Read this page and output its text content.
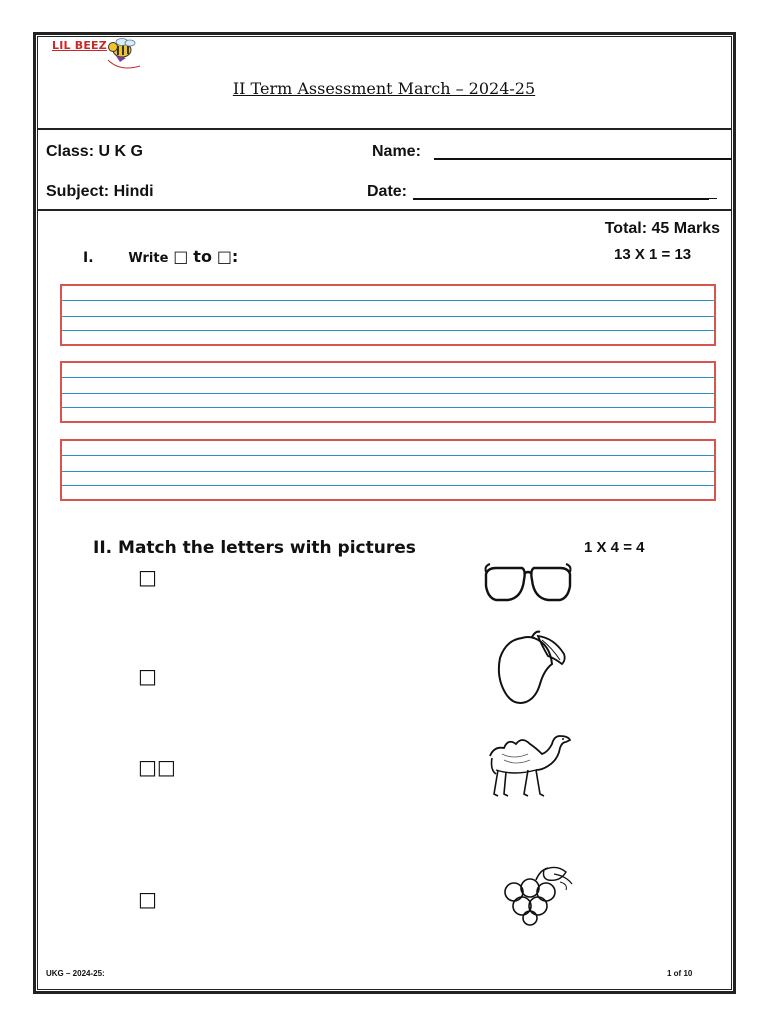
LIL BEEZ
II Term Assessment March – 2024-25
Class: U K G	Name:
Subject: Hindi	Date:
Total: 45 Marks
I.	Write □ to □:	13 X 1 = 13
II. Match the letters with pictures	1 X 4 = 4
□
□
□□
□
UKG – 2024-25:	1 of 10
